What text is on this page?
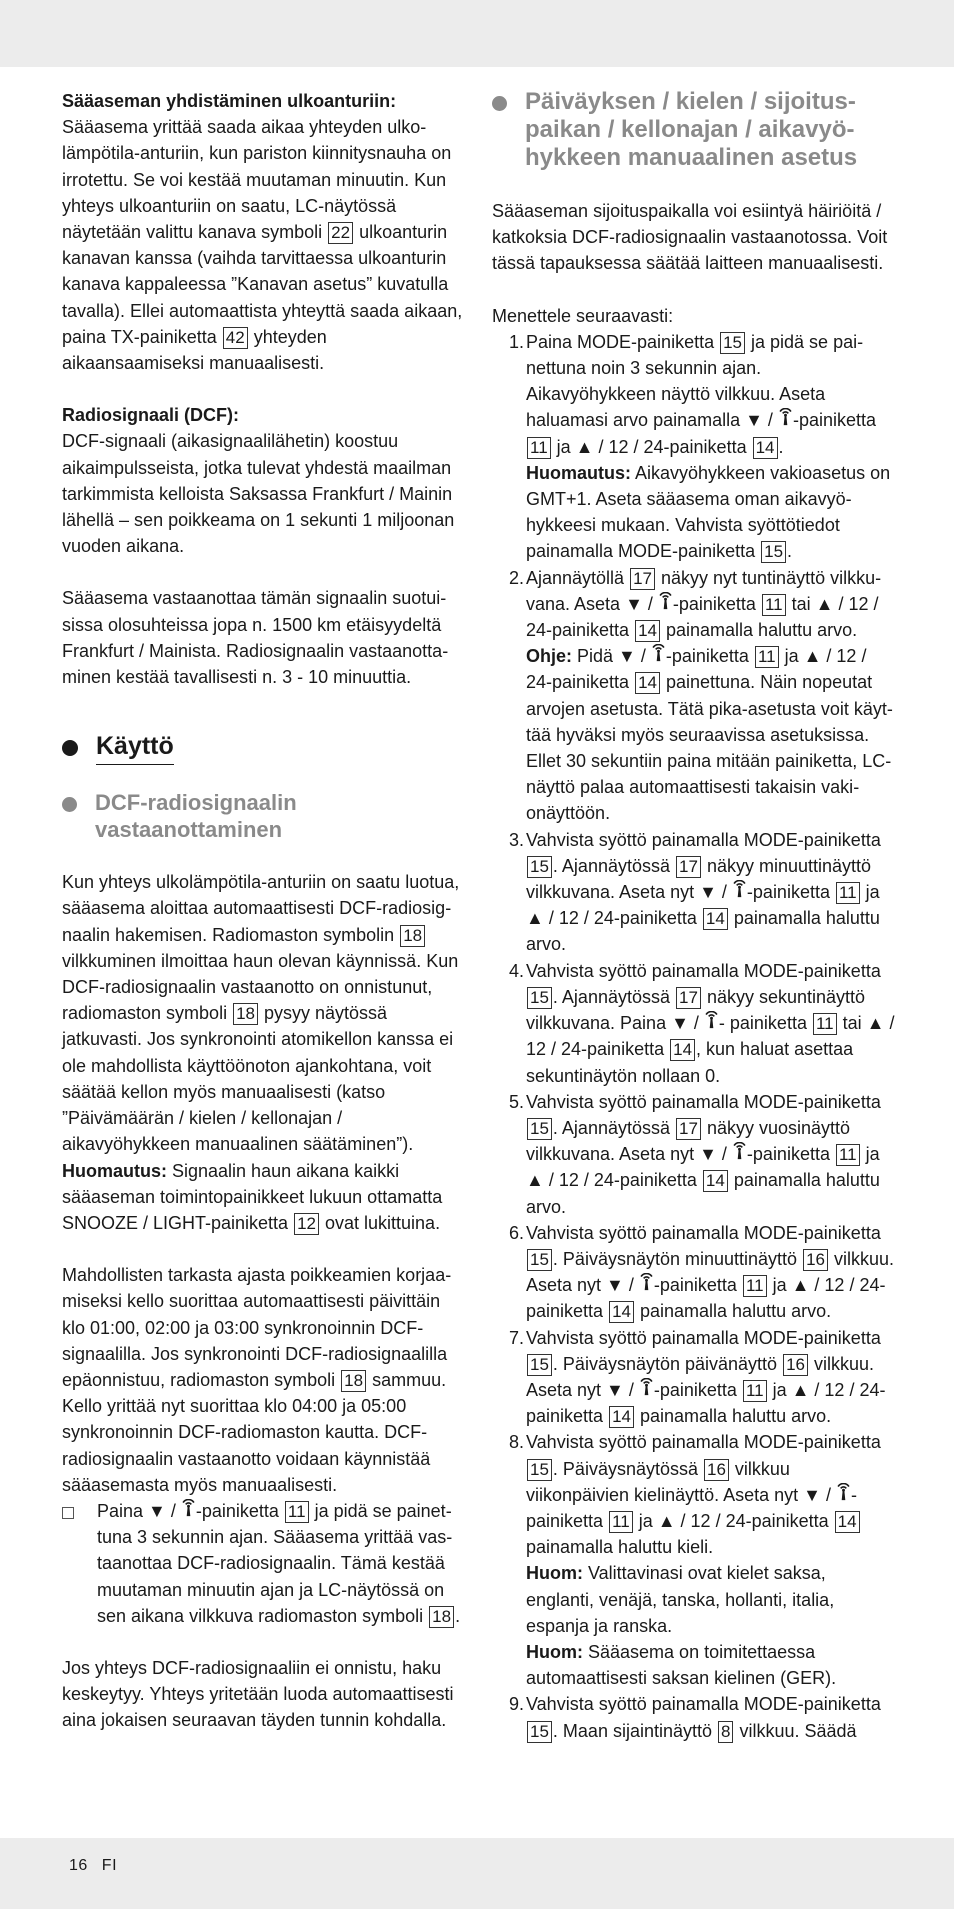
Sääaseman yhdistäminen ulkoanturiin:

Sääasema yrittää saada aikaa yhteyden ulkolämpötila-anturiin, kun pariston kiinnitysnauha on irrotettu. Se voi kestää muutaman minuutin. Kun yhteys ulkoanturiin on saatu, LC-näytössä näytetään valittu kanava symboli 22 ulkoanturin kanavan kanssa (vaihda tarvittaessa ulkoanturin kanava kappaleessa ”Kanavan asetus” kuvatulla tavalla). Ellei automaattista yhteyttä saada aikaan, paina TX-painiketta 42 yhteyden aikaansaamiseksi manuaalisesti.

Radiosignaali (DCF):

DCF-signaali (aikasignaalilähetin) koostuu aikaimpulsseista, jotka tulevat yhdestä maailman tarkimmista kelloista Saksassa Frankfurt / Mainin lähellä – sen poikkeama on 1 sekunti 1 miljoonan vuoden aikana.

Sääasema vastaanottaa tämän signaalin suotuisissa olosuhteissa jopa n. 1500 km etäisyydeltä Frankfurt / Mainista. Radiosignaalin vastaanottaminen kestää tavallisesti n. 3 - 10 minuuttia.

Käyttö
DCF-radiosignaalin vastaanottaminen

Kun yhteys ulkolämpötila-anturiin on saatu luotua, sääasema aloittaa automaattisesti DCF-radiosignaalin hakemisen. Radiomaston symbolin 18 vilkkuminen ilmoittaa haun olevan käynnissä. Kun DCF-radiosignaalin vastaanotto on onnistunut, radiomaston symboli 18 pysyy näytössä jatkuvasti. Jos synkronointi atomikellon kanssa ei ole mahdollista käyttöönoton ajankohtana, voit säätää kellon myös manuaalisesti (katso ”Päivämäärän / kielen / kellonajan / aikavyöhykkeen manuaalinen säätäminen”).

Huomautus: Signaalin haun aikana kaikki sääaseman toimintopainikkeet lukuun ottamatta SNOOZE / LIGHT-painiketta 12 ovat lukittuina.

Mahdollisten tarkasta ajasta poikkeamien korjaamiseksi kello suorittaa automaattisesti päivittäin klo 01:00, 02:00 ja 03:00 synkronoinnin DCF-signaalilla. Jos synkronointi DCF-radiosignaalilla epäonnistuu, radiomaston symboli 18 sammuu. Kello yrittää nyt suorittaa klo 04:00 ja 05:00 synkronoinnin DCF-radiomaston kautta. DCF-radiosignaalin vastaanotto voidaan käynnistää sääasemasta myös manuaalisesti.

Paina ▼ / -painiketta 11 ja pidä se painettuna 3 sekunnin ajan. Sääasema yrittää vastaanottaa DCF-radiosignaalin. Tämä kestää muutaman minuutin ajan ja LC-näytössä on sen aikana vilkkuva radiomaston symboli 18 .

Jos yhteys DCF-radiosignaaliin ei onnistu, haku keskeytyy. Yhteys yritetään luoda automaattisesti aina jokaisen seuraavan täyden tunnin kohdalla.

Päiväyksen / kielen / sijoituspaikan / kellonajan / aikavyöhykkeen manuaalinen asetus

Sääaseman sijoituspaikalla voi esiintyä häiriöitä / katkoksia DCF-radiosignaalin vastaanotossa. Voit tässä tapauksessa säätää laitteen manuaalisesti.

Menettele seuraavasti:

1. Paina MODE-painiketta 15 ja pidä se painettuna noin 3 sekunnin ajan. Aikavyöhykkeen näyttö vilkkuu. Aseta haluamasi arvo painamalla ▼ / -painiketta 11 ja ▲ / 12 / 24-painiketta 14 .

Huomautus: Aikavyöhykkeen vakioasetus on GMT+1. Aseta sääasema oman aikavyöhykkeesi mukaan. Vahvista syöttötiedot painamalla MODE-painiketta 15 .

2. Ajannäytöllä 17 näkyy nyt tuntinäyttö vilkkuvana. Aseta ▼ / -painiketta 11 tai ▲ / 12 / 24-painiketta 14 painamalla haluttu arvo.

Ohje: Pidä ▼ / -painiketta 11 ja ▲ / 12 / 24-painiketta 14 painettuna. Näin nopeutat arvojen asetusta. Tätä pika-asetusta voit käyttää hyväksi myös seuraavissa asetuksissa. Ellet 30 sekuntiin paina mitään painiketta, LC-näyttö palaa automaattisesti takaisin vakionäyttöön.

3. Vahvista syöttö painamalla MODE-painiketta 15 . Ajannäytössä 17 näkyy minuuttinäyttö vilkkuvana. Aseta nyt ▼ / -painiketta 11 ja ▲ / 12 / 24-painiketta 14 painamalla haluttu arvo.

4. Vahvista syöttö painamalla MODE-painiketta 15 . Ajannäytössä 17 näkyy sekuntinäyttö vilkkuvana. Paina ▼ / - painiketta 11 tai ▲ / 12 / 24-painiketta 14 , kun haluat asettaa sekuntinäytön nollaan 0.

5. Vahvista syöttö painamalla MODE-painiketta 15 . Ajannäytössä 17 näkyy vuosinäyttö vilkkuvana. Aseta nyt ▼ / -painiketta 11 ja ▲ / 12 / 24-painiketta 14 painamalla haluttu arvo.

6. Vahvista syöttö painamalla MODE-painiketta 15 . Päiväysnäytön minuuttinäyttö 16 vilkkuu. Aseta nyt ▼ / -painiketta 11 ja ▲ / 12 / 24-painiketta 14 painamalla haluttu arvo.

7. Vahvista syöttö painamalla MODE-painiketta 15 . Päiväysnäytön päivänäyttö 16 vilkkuu. Aseta nyt ▼ / -painiketta 11 ja ▲ / 12 / 24-painiketta 14 painamalla haluttu arvo.

8. Vahvista syöttö painamalla MODE-painiketta 15 . Päiväysnäytössä 16 vilkkuu viikonpäivien kielinäyttö. Aseta nyt ▼ / -painiketta 11 ja ▲ / 12 / 24-painiketta 14 painamalla haluttu kieli.

Huom: Valittavinasi ovat kielet saksa, englanti, venäjä, tanska, hollanti, italia, espanja ja ranska.

Huom: Sääasema on toimitettaessa automaattisesti saksan kielinen (GER).

9. Vahvista syöttö painamalla MODE-painiketta 15 . Maan sijaintinäyttö 8 vilkkuu. Säädä

16 FI
